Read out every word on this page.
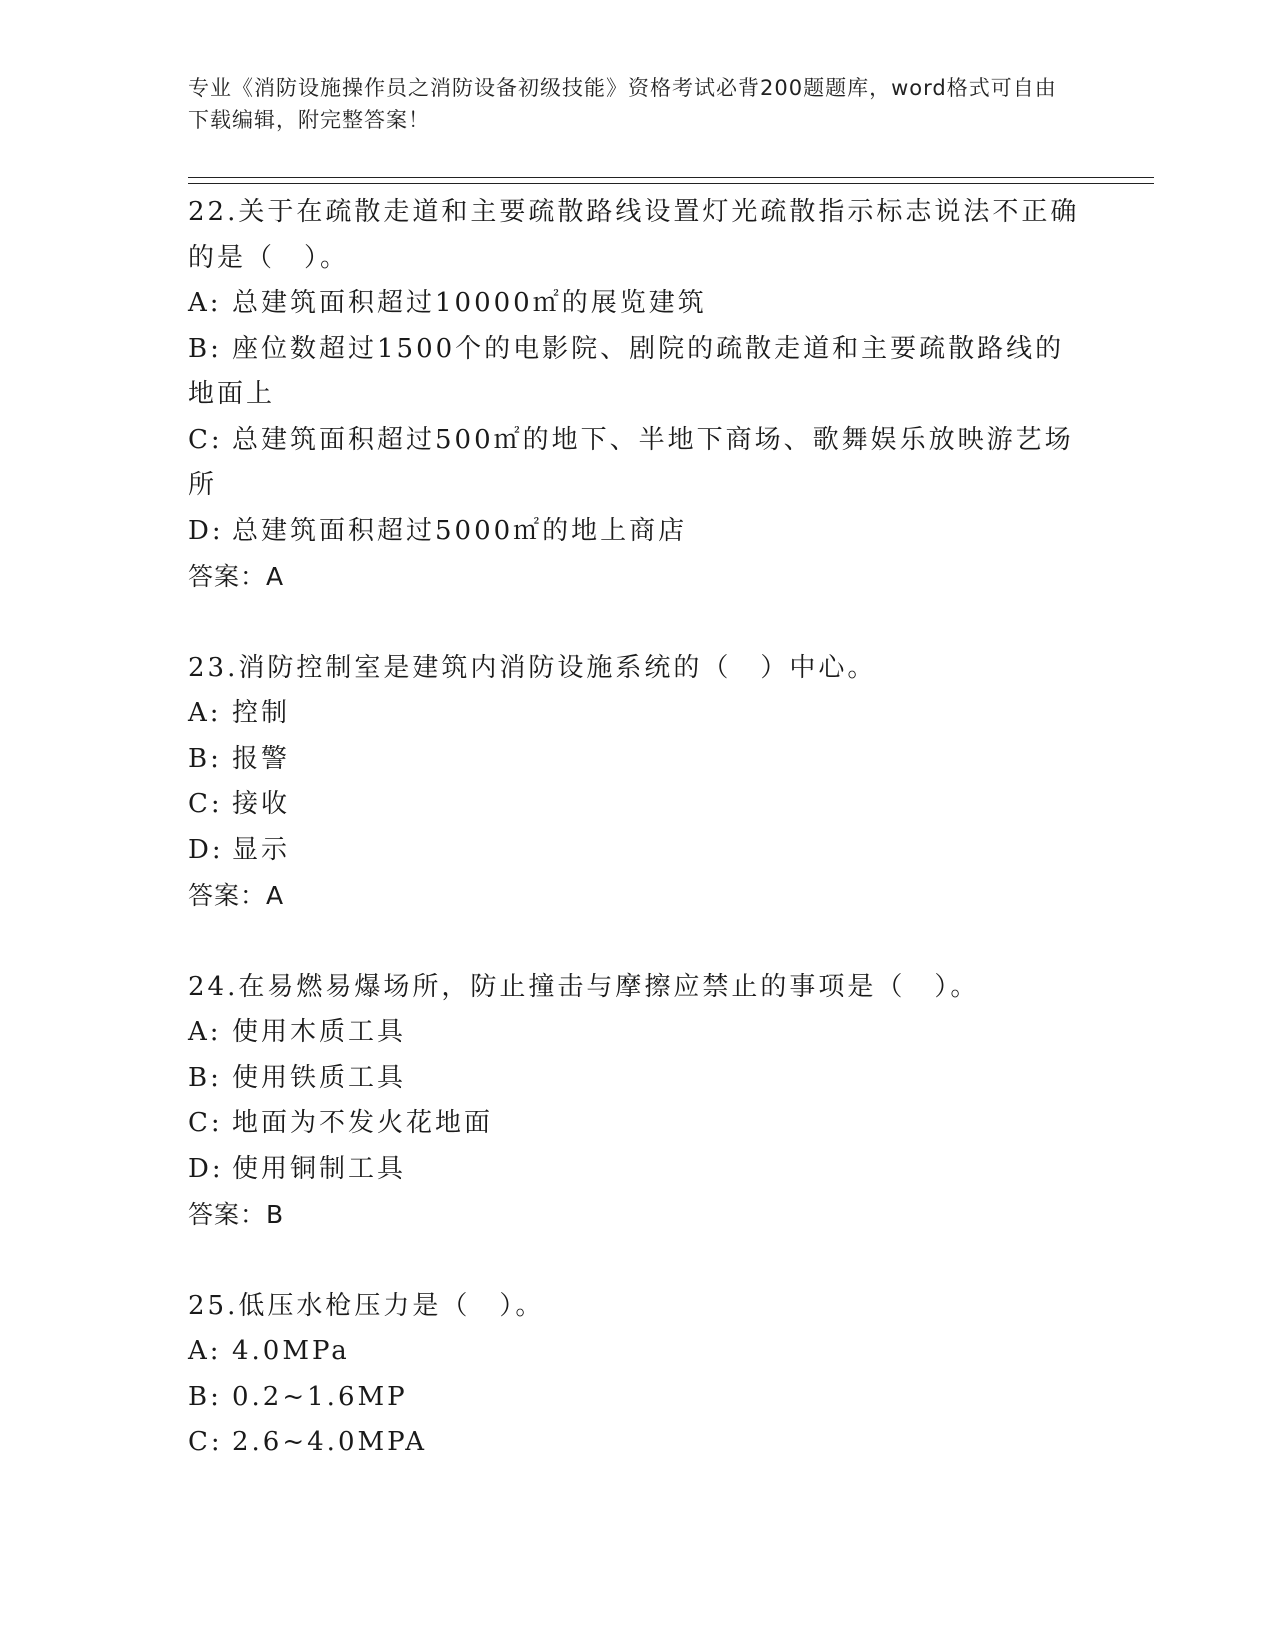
专业《消防设施操作员之消防设备初级技能》资格考试必背200题题库，word格式可自由下载编辑，附完整答案！
22.关于在疏散走道和主要疏散路线设置灯光疏散指示标志说法不正确
的是（　）。
A: 总建筑面积超过10000㎡的展览建筑
B: 座位数超过1500个的电影院、剧院的疏散走道和主要疏散路线的
地面上
C: 总建筑面积超过500㎡的地下、半地下商场、歌舞娱乐放映游艺场
所
D: 总建筑面积超过5000㎡的地上商店
答案：A
23.消防控制室是建筑内消防设施系统的（　）中心。
A: 控制
B: 报警
C: 接收
D: 显示
答案：A
24.在易燃易爆场所，防止撞击与摩擦应禁止的事项是（　）。
A: 使用木质工具
B: 使用铁质工具
C: 地面为不发火花地面
D: 使用铜制工具
答案：B
25.低压水枪压力是（　）。
A: 4.0MPa
B: 0.2~1.6MP
C: 2.6~4.0MPA
